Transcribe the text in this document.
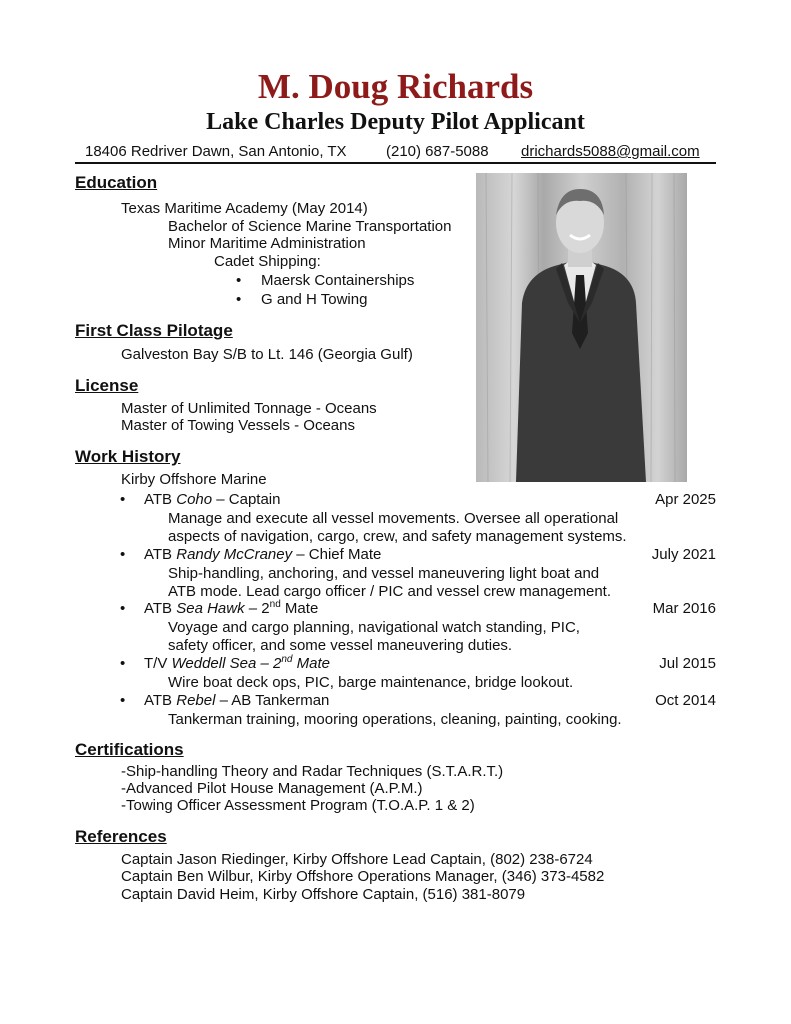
M. Doug Richards
Lake Charles Deputy Pilot Applicant
18406 Redriver Dawn, San Antonio, TX	(210) 687-5088 drichards5088@gmail.com
Education
Texas Maritime Academy (May 2014)
Bachelor of Science Marine Transportation
Minor Maritime Administration
Cadet Shipping:
• Maersk Containerships
• G and H Towing
First Class Pilotage
Galveston Bay S/B to Lt. 146 (Georgia Gulf)
License
Master of Unlimited Tonnage - Oceans
Master of Towing Vessels - Oceans
Work History
Kirby Offshore Marine
• ATB Coho – Captain	Apr 2025
Manage and execute all vessel movements. Oversee all operational
aspects of navigation, cargo, crew, and safety management systems.
• ATB Randy McCraney – Chief Mate	July 2021
Ship-handling, anchoring, and vessel maneuvering light boat and
ATB mode. Lead cargo officer / PIC and vessel crew management.
• ATB Sea Hawk – 2nd Mate	Mar 2016
Voyage and cargo planning, navigational watch standing, PIC,
safety officer, and some vessel maneuvering duties.
• T/V Weddell Sea – 2nd Mate	Jul 2015
Wire boat deck ops, PIC, barge maintenance, bridge lookout.
• ATB Rebel – AB Tankerman	Oct 2014
Tankerman training, mooring operations, cleaning, painting, cooking.
Certifications
-Ship-handling Theory and Radar Techniques (S.T.A.R.T.)
-Advanced Pilot House Management (A.P.M.)
-Towing Officer Assessment Program (T.O.A.P. 1 & 2)
References
Captain Jason Riedinger, Kirby Offshore Lead Captain, (802) 238-6724
Captain Ben Wilbur, Kirby Offshore Operations Manager, (346) 373-4582
Captain David Heim, Kirby Offshore Captain, (516) 381-8079
